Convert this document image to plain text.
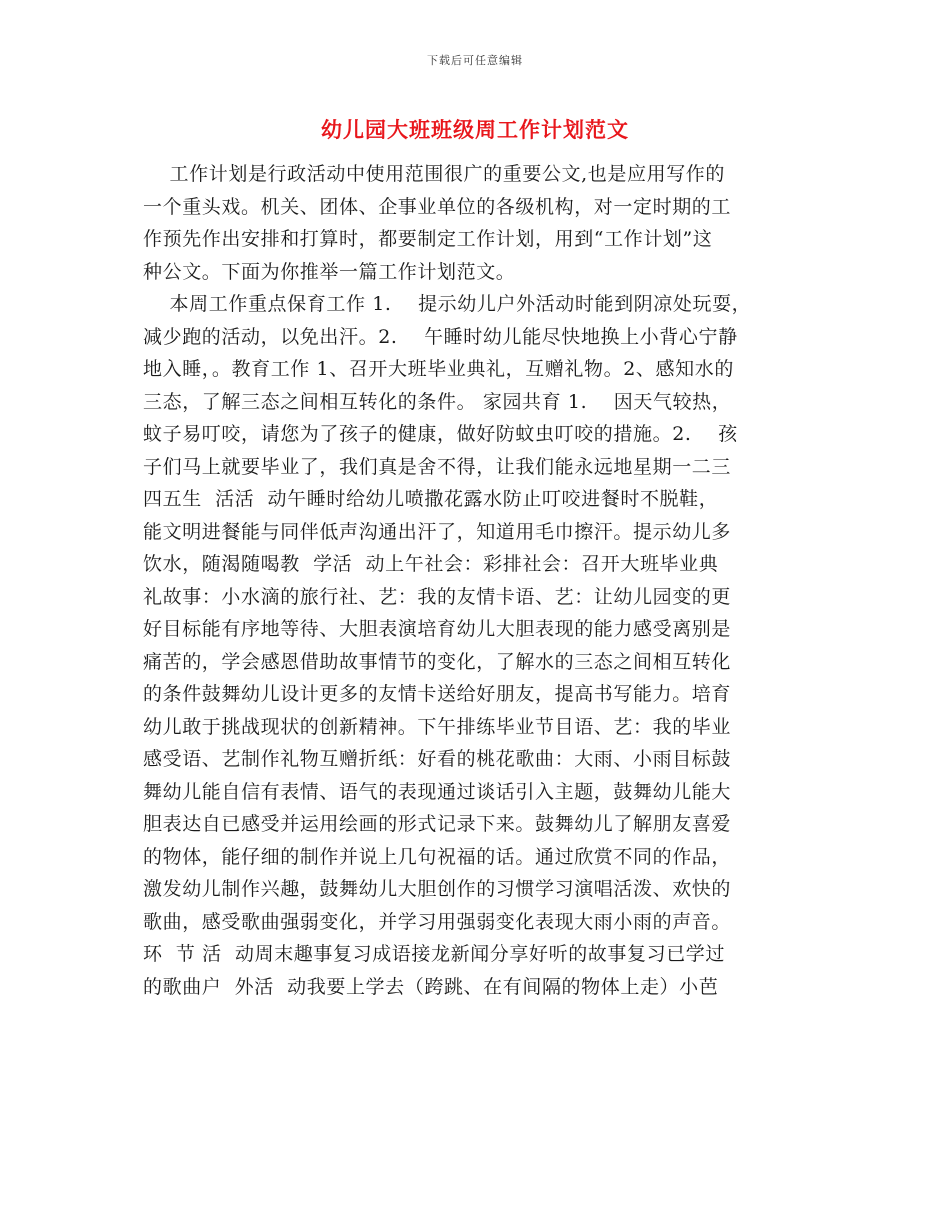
下载后可任意编辑
幼儿园大班班级周工作计划范文
工作计划是行政活动中使用范围很广的重要公文,也是应用写作的
一个重头戏。机关、团体、企事业单位的各级机构，对一定时期的工
作预先作出安排和打算时，都要制定工作计划，用到“工作计划”这
种公文。下面为你推举一篇工作计划范文。
本周工作重点保育工作 1.    提示幼儿户外活动时能到阴凉处玩耍，
减少跑的活动，以免出汗。2.    午睡时幼儿能尽快地换上小背心宁静
地入睡，。教育工作 1、召开大班毕业典礼，互赠礼物。2、感知水的
三态，了解三态之间相互转化的条件。 家园共育 1.    因天气较热，
蚊子易叮咬，请您为了孩子的健康，做好防蚊虫叮咬的措施。2.    孩
子们马上就要毕业了，我们真是舍不得，让我们能永远地星期一二三
四五生  活活  动午睡时给幼儿喷撒花露水防止叮咬进餐时不脱鞋，
能文明进餐能与同伴低声沟通出汗了，知道用毛巾擦汗。提示幼儿多
饮水，随渴随喝教  学活  动上午社会：彩排社会：召开大班毕业典
礼故事：小水滴的旅行社、艺：我的友情卡语、艺：让幼儿园变的更
好目标能有序地等待、大胆表演培育幼儿大胆表现的能力感受离别是
痛苦的，学会感恩借助故事情节的变化，了解水的三态之间相互转化
的条件鼓舞幼儿设计更多的友情卡送给好朋友，提高书写能力。培育
幼儿敢于挑战现状的创新精神。下午排练毕业节目语、艺：我的毕业
感受语、艺制作礼物互赠折纸：好看的桃花歌曲：大雨、小雨目标鼓
舞幼儿能自信有表情、语气的表现通过谈话引入主题，鼓舞幼儿能大
胆表达自已感受并运用绘画的形式记录下来。鼓舞幼儿了解朋友喜爱
的物体，能仔细的制作并说上几句祝福的话。通过欣赏不同的作品，
激发幼儿制作兴趣，鼓舞幼儿大胆创作的习惯学习演唱活泼、欢快的
歌曲，感受歌曲强弱变化，并学习用强弱变化表现大雨小雨的声音。
环  节 活  动周末趣事复习成语接龙新闻分享好听的故事复习已学过
的歌曲户  外活  动我要上学去（跨跳、在有间隔的物体上走）小芭
